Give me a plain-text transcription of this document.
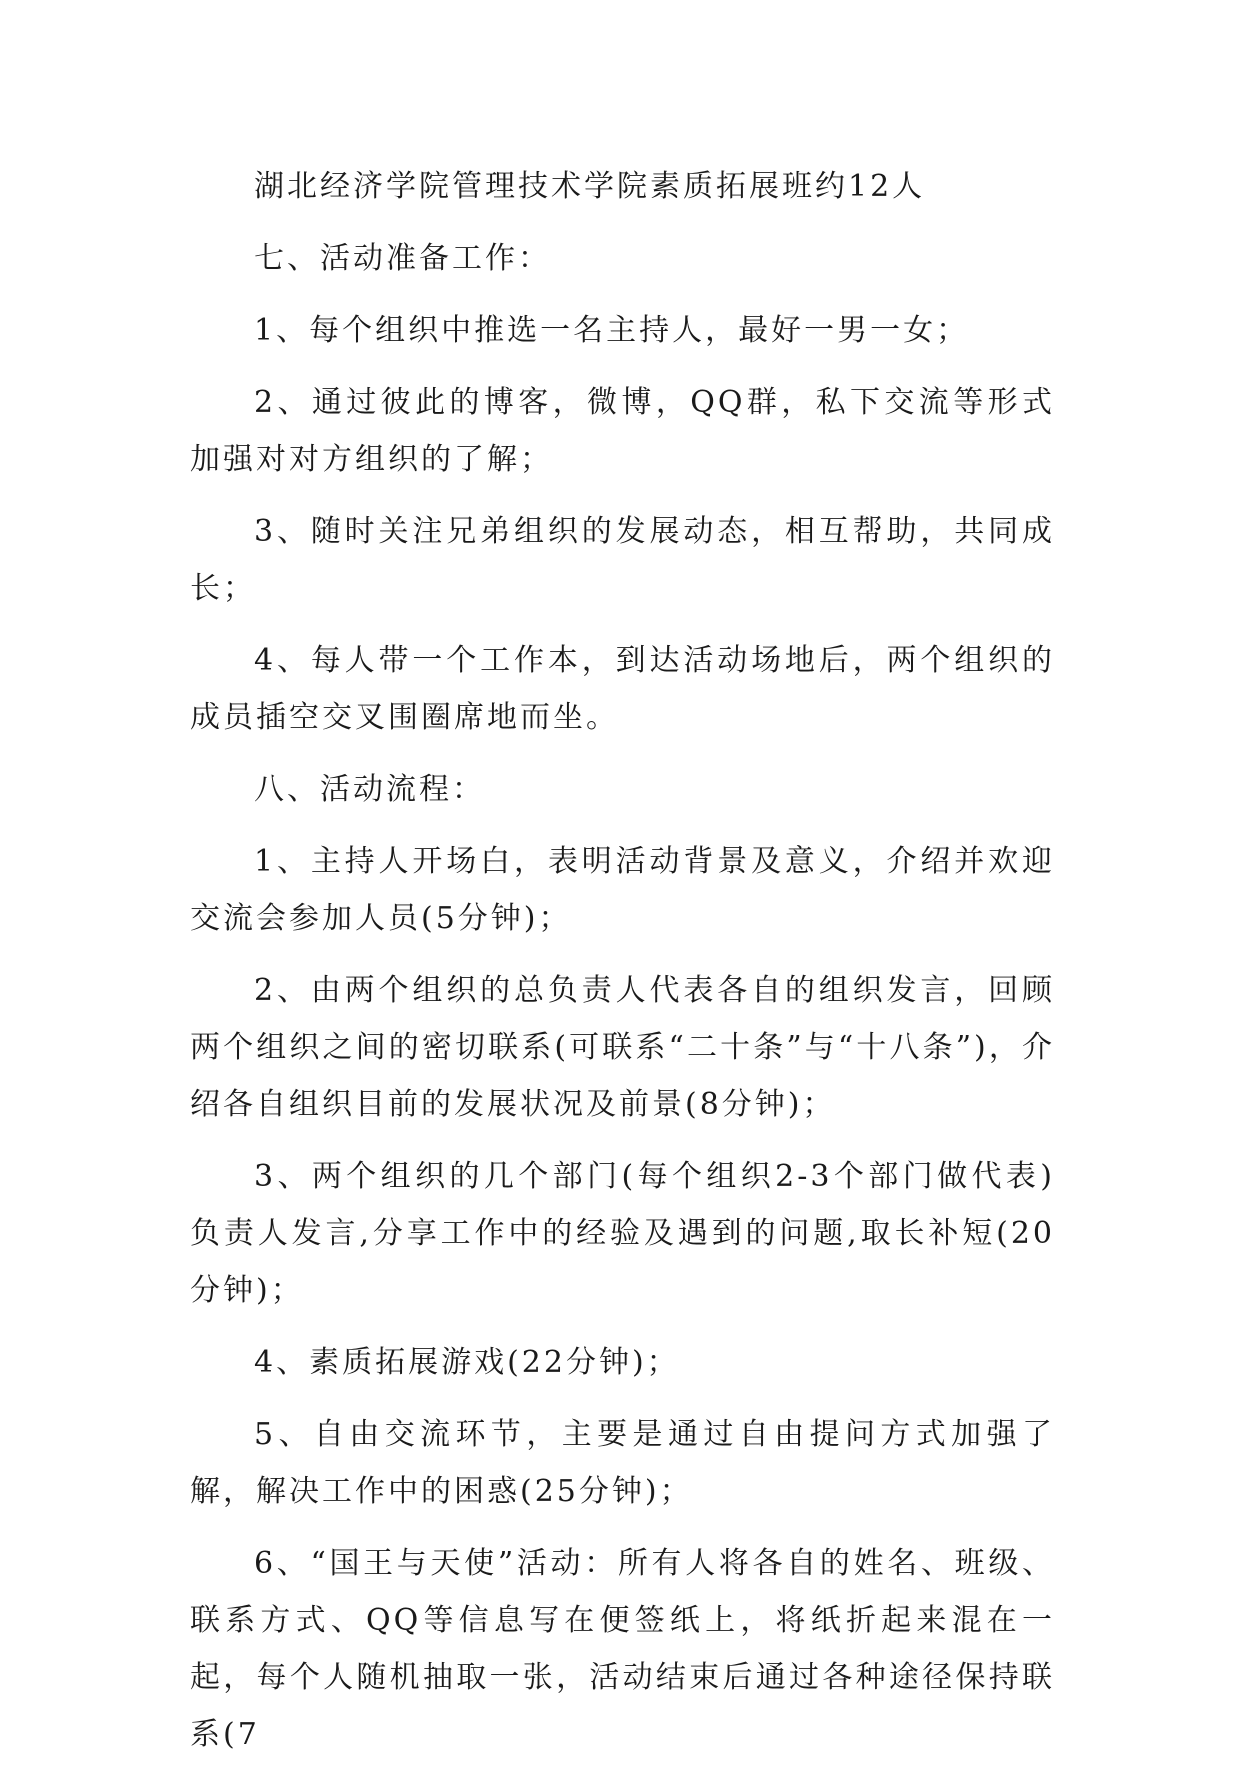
湖北经济学院管理技术学院素质拓展班约12人

七、活动准备工作：

1、每个组织中推选一名主持人，最好一男一女；

2、通过彼此的博客，微博，QQ群，私下交流等形式加强对对方组织的了解；

3、随时关注兄弟组织的发展动态，相互帮助，共同成长；

4、每人带一个工作本，到达活动场地后，两个组织的成员插空交叉围圈席地而坐。

八、活动流程：

1、主持人开场白，表明活动背景及意义，介绍并欢迎交流会参加人员(5分钟)；

2、由两个组织的总负责人代表各自的组织发言，回顾两个组织之间的密切联系(可联系“二十条”与“十八条”)，介绍各自组织目前的发展状况及前景(8分钟)；

3、两个组织的几个部门(每个组织2-3个部门做代表)负责人发言,分享工作中的经验及遇到的问题,取长补短(20分钟)；

4、素质拓展游戏(22分钟)；

5、自由交流环节，主要是通过自由提问方式加强了解，解决工作中的困惑(25分钟)；

6、“国王与天使”活动：所有人将各自的姓名、班级、联系方式、QQ等信息写在便签纸上，将纸折起来混在一起，每个人随机抽取一张，活动结束后通过各种途径保持联系(7
